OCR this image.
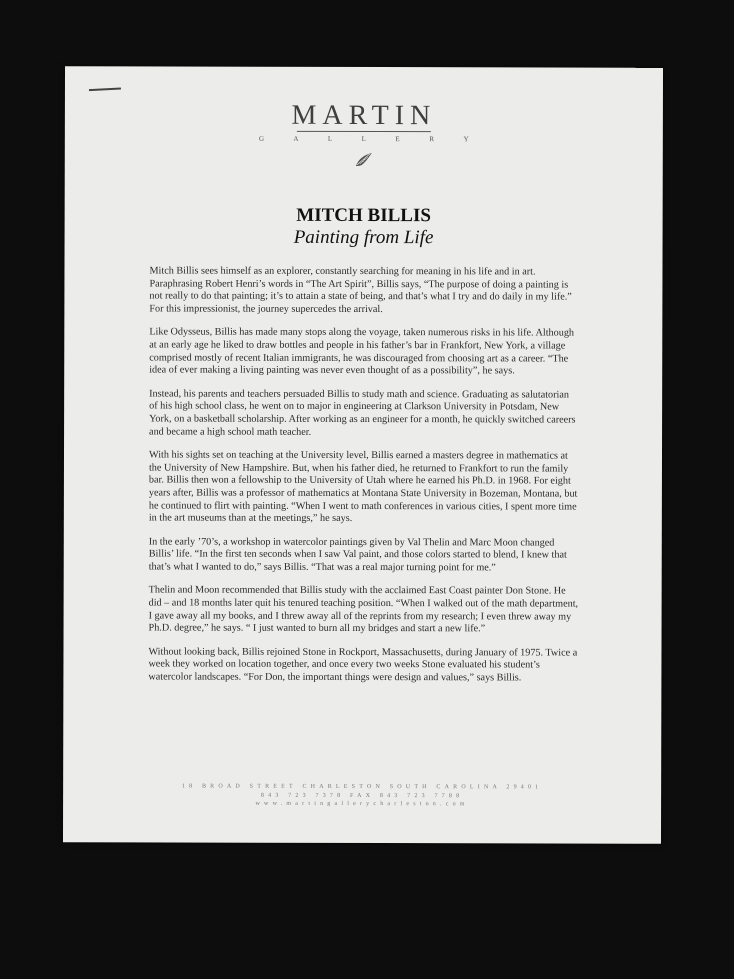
MARTIN
G A L L E R Y
MITCH BILLIS
Painting from Life

Mitch Billis sees himself as an explorer, constantly searching for meaning in his life and in art. Paraphrasing Robert Henri’s words in “The Art Spirit”, Billis says, “The purpose of doing a painting is not really to do that painting; it’s to attain a state of being, and that’s what I try and do daily in my life.” For this impressionist, the journey supercedes the arrival.

Like Odysseus, Billis has made many stops along the voyage, taken numerous risks in his life. Although at an early age he liked to draw bottles and people in his father’s bar in Frankfort, New York, a village comprised mostly of recent Italian immigrants, he was discouraged from choosing art as a career. “The idea of ever making a living painting was never even thought of as a possibility”, he says.

Instead, his parents and teachers persuaded Billis to study math and science. Graduating as salutatorian of his high school class, he went on to major in engineering at Clarkson University in Potsdam, New York, on a basketball scholarship. After working as an engineer for a month, he quickly switched careers and became a high school math teacher.

With his sights set on teaching at the University level, Billis earned a masters degree in mathematics at the University of New Hampshire. But, when his father died, he returned to Frankfort to run the family bar. Billis then won a fellowship to the University of Utah where he earned his Ph.D. in 1968. For eight years after, Billis was a professor of mathematics at Montana State University in Bozeman, Montana, but he continued to flirt with painting. “When I went to math conferences in various cities, I spent more time in the art museums than at the meetings,” he says.

In the early ’70’s, a workshop in watercolor paintings given by Val Thelin and Marc Moon changed Billis’ life. “In the first ten seconds when I saw Val paint, and those colors started to blend, I knew that that’s what I wanted to do,” says Billis. “That was a real major turning point for me.”

Thelin and Moon recommended that Billis study with the acclaimed East Coast painter Don Stone. He did – and 18 months later quit his tenured teaching position. “When I walked out of the math department, I gave away all my books, and I threw away all of the reprints from my research; I even threw away my Ph.D. degree,” he says. “ I just wanted to burn all my bridges and start a new life.”

Without looking back, Billis rejoined Stone in Rockport, Massachusetts, during January of 1975. Twice a week they worked on location together, and once every two weeks Stone evaluated his student’s watercolor landscapes. “For Don, the important things were design and values,” says Billis.

18 BROAD STREET CHARLESTON SOUTH CAROLINA 29401
843 723 7378 FAX 843 723 7788
www.martingallerycharleston.com
